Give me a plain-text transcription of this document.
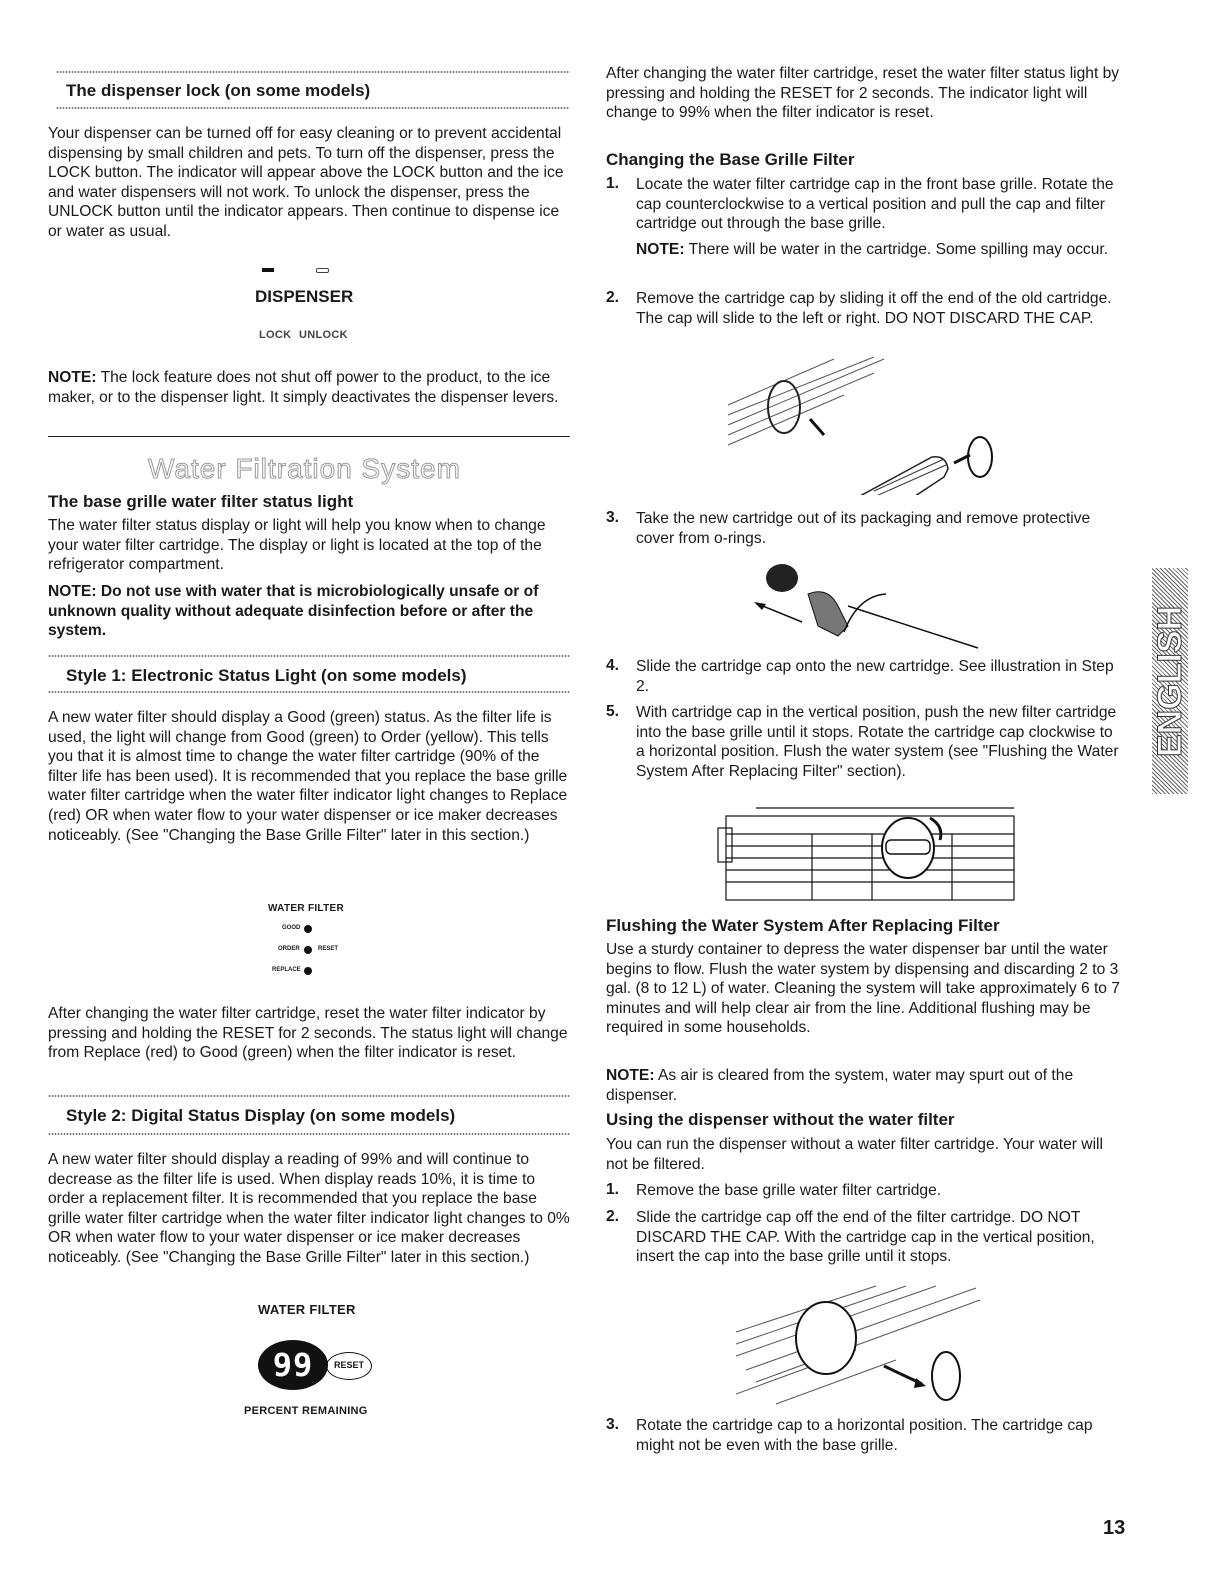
The dispenser lock (on some models)

Your dispenser can be turned off for easy cleaning or to prevent accidental dispensing by small children and pets. To turn off the dispenser, press the LOCK button. The indicator will appear above the LOCK button and the ice and water dispensers will not work. To unlock the dispenser, press the UNLOCK button until the indicator appears. Then continue to dispense ice or water as usual.

DISPENSER
LOCK UNLOCK

NOTE: The lock feature does not shut off power to the product, to the ice maker, or to the dispenser light. It simply deactivates the dispenser levers.

Water Filtration System
The base grille water filter status light

The water filter status display or light will help you know when to change your water filter cartridge. The display or light is located at the top of the refrigerator compartment.

NOTE: Do not use with water that is microbiologically unsafe or of unknown quality without adequate disinfection before or after the system.

Style 1: Electronic Status Light (on some models)

A new water filter should display a Good (green) status. As the filter life is used, the light will change from Good (green) to Order (yellow). This tells you that it is almost time to change the water filter cartridge (90% of the filter life has been used). It is recommended that you replace the base grille water filter cartridge when the water filter indicator light changes to Replace (red) OR when water flow to your water dispenser or ice maker decreases noticeably. (See "Changing the Base Grille Filter" later in this section.)

WATER FILTER
GOOD
ORDER	RESET
REPLACE

After changing the water filter cartridge, reset the water filter indicator by pressing and holding the RESET for 2 seconds. The status light will change from Replace (red) to Good (green) when the filter indicator is reset.

Style 2: Digital Status Display (on some models)

A new water filter should display a reading of 99% and will continue to decrease as the filter life is used. When display reads 10%, it is time to order a replacement filter. It is recommended that you replace the base grille water filter cartridge when the water filter indicator light changes to 0% OR when water flow to your water dispenser or ice maker decreases noticeably. (See "Changing the Base Grille Filter" later in this section.)

WATER FILTER
99	RESET
PERCENT REMAINING

After changing the water filter cartridge, reset the water filter status light by pressing and holding the RESET for 2 seconds. The indicator light will change to 99% when the filter indicator is reset.

Changing the Base Grille Filter
1. Locate the water filter cartridge cap in the front base grille. Rotate the cap counterclockwise to a vertical position and pull the cap and filter cartridge out through the base grille.

NOTE: There will be water in the cartridge. Some spilling may occur.

2. Remove the cartridge cap by sliding it off the end of the old cartridge. The cap will slide to the left or right. DO NOT DISCARD THE CAP.

3. Take the new cartridge out of its packaging and remove protective cover from o-rings.

4. Slide the cartridge cap onto the new cartridge. See illustration in Step 2.

5. With cartridge cap in the vertical position, push the new filter cartridge into the base grille until it stops. Rotate the cartridge cap clockwise to a horizontal position. Flush the water system (see "Flushing the Water System After Replacing Filter" section).

Flushing the Water System After Replacing Filter

Use a sturdy container to depress the water dispenser bar until the water begins to flow. Flush the water system by dispensing and discarding 2 to 3 gal. (8 to 12 L) of water. Cleaning the system will take approximately 6 to 7 minutes and will help clear air from the line. Additional flushing may be required in some households.

NOTE: As air is cleared from the system, water may spurt out of the dispenser.

Using the dispenser without the water filter

You can run the dispenser without a water filter cartridge. Your water will not be filtered.

1. Remove the base grille water filter cartridge.

2. Slide the cartridge cap off the end of the filter cartridge. DO NOT DISCARD THE CAP. With the cartridge cap in the vertical position, insert the cap into the base grille until it stops.

3. Rotate the cartridge cap to a horizontal position. The cartridge cap might not be even with the base grille.

ENGLISH
13
